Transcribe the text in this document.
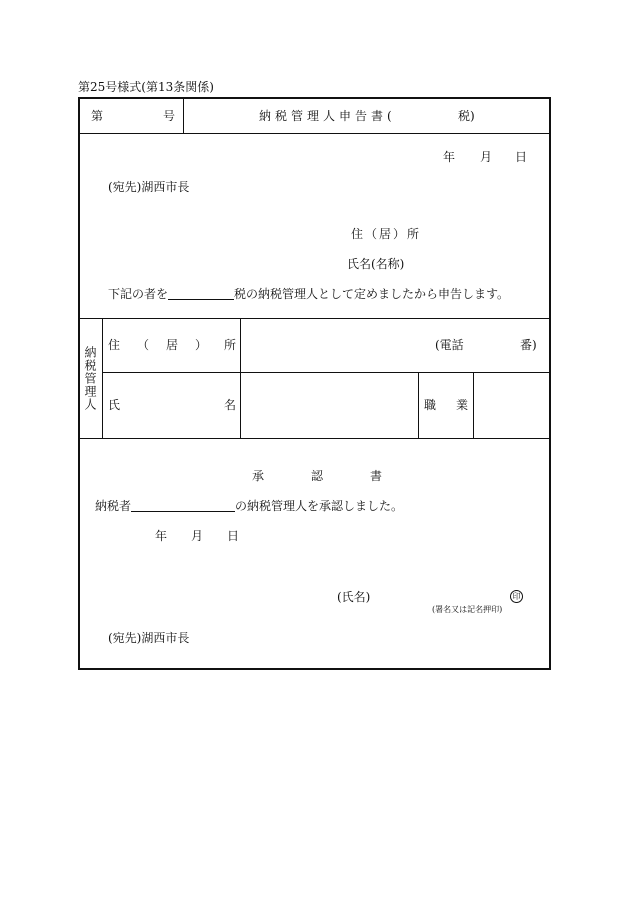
第25号様式(第13条関係)
第	号	納税管理人申告書(	税)
年 月 日
(宛先)湖西市長
住 （ 居 ） 所
氏名(名称)
下記の者を	税の納税管理人として定めましたから申告します。
納税管理人
住 （ 居 ） 所	(電話	番)
氏	名	職 業
承	認	書
納税者	の納税管理人を承認しました。
年 月 日
(氏名)	印
(署名又は記名押印)
(宛先)湖西市長
